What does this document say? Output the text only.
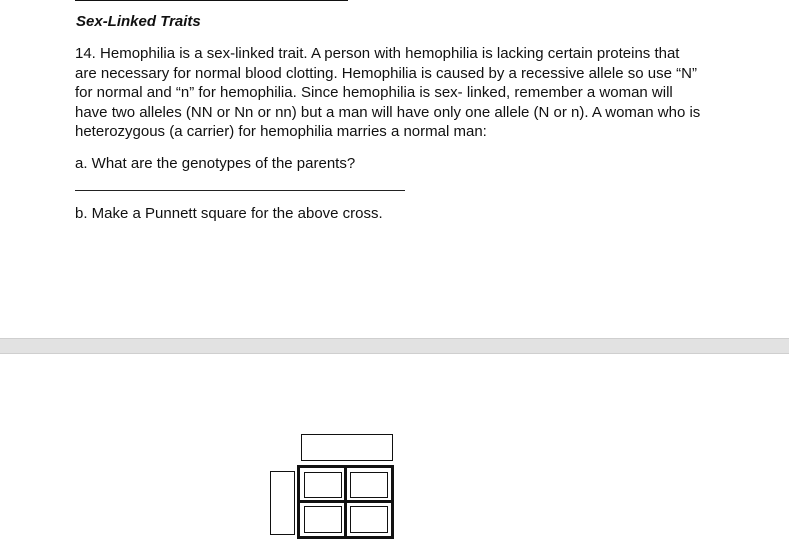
Sex-Linked Traits

14. Hemophilia is a sex-linked trait. A person with hemophilia is lacking certain proteins that are necessary for normal blood clotting. Hemophilia is caused by a recessive allele so use “N” for normal and “n” for hemophilia. Since hemophilia is sex- linked, remember a woman will have two alleles (NN or Nn or nn) but a man will have only one allele (N or n). A woman who is heterozygous (a carrier) for hemophilia marries a normal man:

a. What are the genotypes of the parents?
b. Make a Punnett square for the above cross.
